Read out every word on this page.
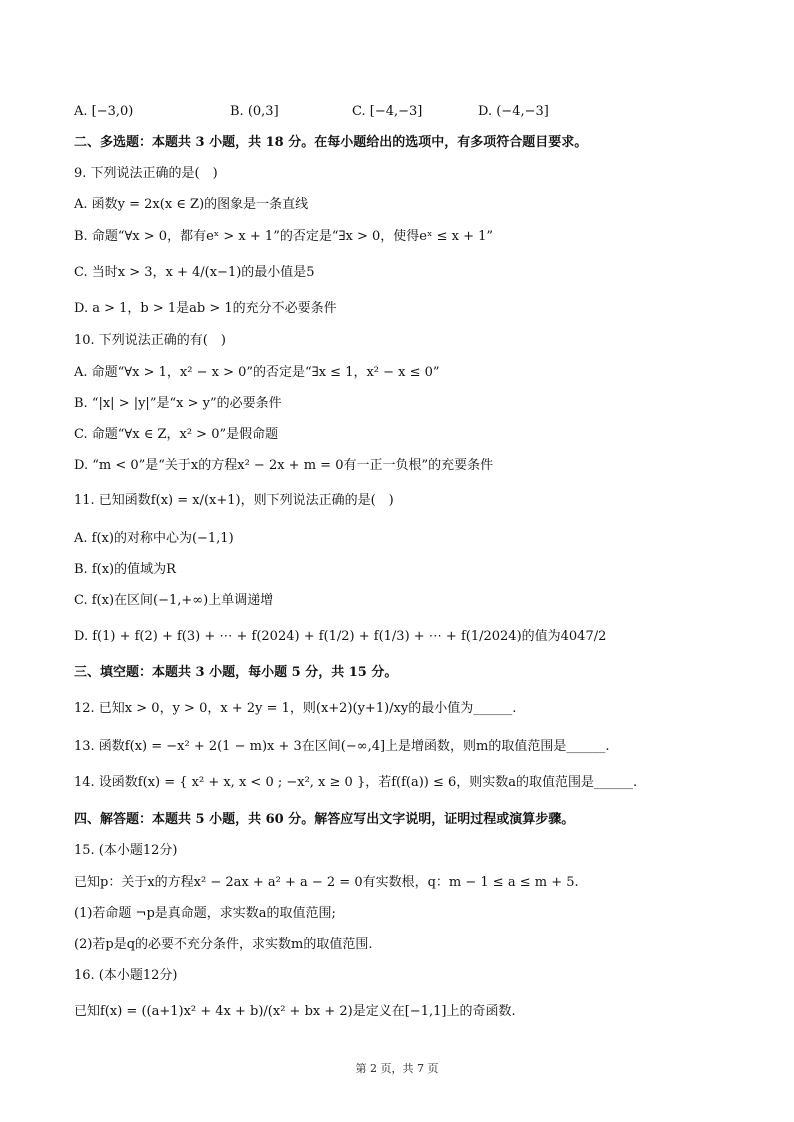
A. [−3,0)	B. (0,3]	C. [−4,−3]	D. (−4,−3]
二、多选题：本题共 3 小题，共 18 分。在每小题给出的选项中，有多项符合题目要求。
9. 下列说法正确的是(　)
A. 函数y = 2x(x ∈ Z)的图象是一条直线
B. 命题“∀x > 0，都有eˣ > x + 1”的否定是“∃x > 0，使得eˣ ≤ x + 1”
C. 当时x > 3，x + 4/(x−1)的最小值是5
D. a > 1，b > 1是ab > 1的充分不必要条件
10. 下列说法正确的有(　)
A. 命题“∀x > 1，x² − x > 0”的否定是“∃x ≤ 1，x² − x ≤ 0”
B. “|x| > |y|”是“x > y”的必要条件
C. 命题“∀x ∈ Z，x² > 0”是假命题
D. “m < 0”是“关于x的方程x² − 2x + m = 0有一正一负根”的充要条件
11. 已知函数f(x) = x/(x+1)，则下列说法正确的是(　)
A. f(x)的对称中心为(−1,1)
B. f(x)的值域为R
C. f(x)在区间(−1,+∞)上单调递增
D. f(1) + f(2) + f(3) + ⋯ + f(2024) + f(1/2) + f(1/3) + ⋯ + f(1/2024)的值为4047/2
三、填空题：本题共 3 小题，每小题 5 分，共 15 分。
12. 已知x > 0，y > 0，x + 2y = 1，则(x+2)(y+1)/xy的最小值为______.
13. 函数f(x) = −x² + 2(1 − m)x + 3在区间(−∞,4]上是增函数，则m的取值范围是______.
14. 设函数f(x) = { x² + x, x < 0 ; −x², x ≥ 0 }，若f(f(a)) ≤ 6，则实数a的取值范围是______.
四、解答题：本题共 5 小题，共 60 分。解答应写出文字说明，证明过程或演算步骤。
15. (本小题12分)
已知p：关于x的方程x² − 2ax + a² + a − 2 = 0有实数根，q：m − 1 ≤ a ≤ m + 5.
(1)若命题 ¬p是真命题，求实数a的取值范围;
(2)若p是q的必要不充分条件，求实数m的取值范围.
16. (本小题12分)
已知f(x) = ((a+1)x² + 4x + b)/(x² + bx + 2)是定义在[−1,1]上的奇函数.
第 2 页，共 7 页
